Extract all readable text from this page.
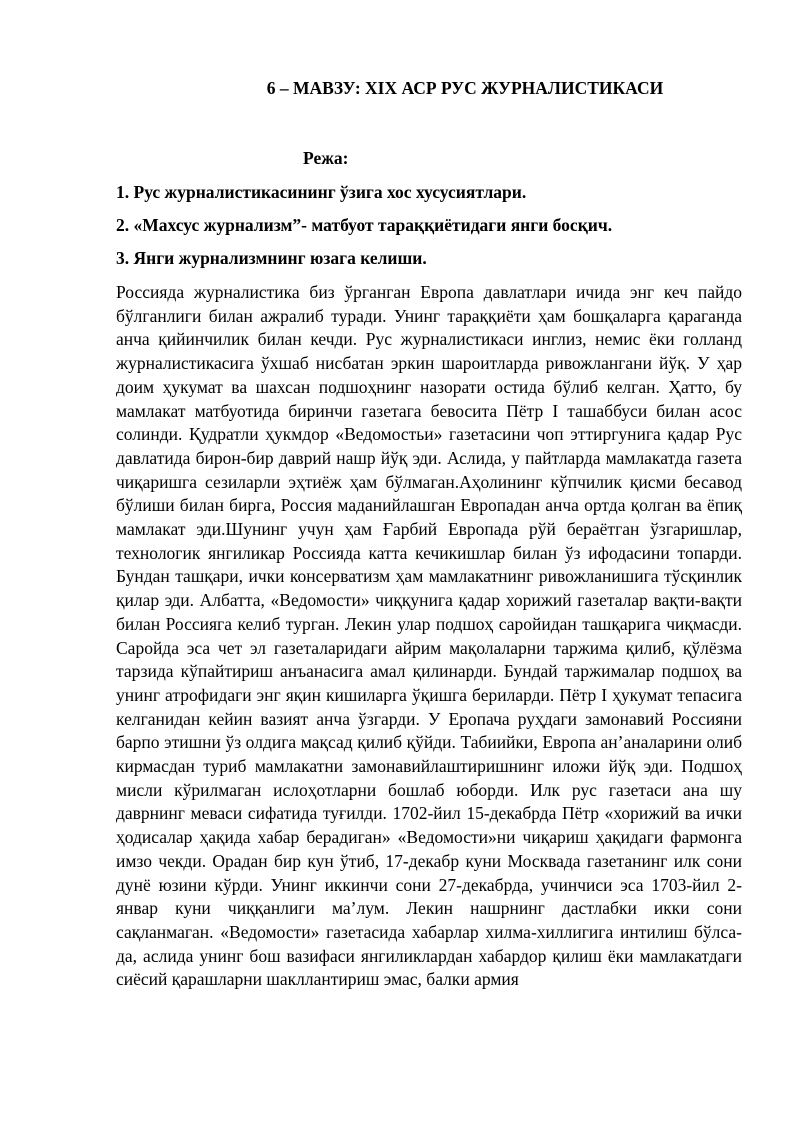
6 – МАВЗУ: XIX АСР РУС ЖУРНАЛИСТИКАСИ
Режа:
1. Рус журналистикасининг ўзига хос хусусиятлари.
2. «Махсус журнализм”- матбуот тараққиётидаги янги босқич.
3. Янги журнализмнинг юзага келиши.

Россияда журналистика биз ўрганган Европа давлатлари ичида энг кеч пайдо бўлганлиги билан ажралиб туради. Унинг тараққиёти ҳам бошқаларга қараганда анча қийинчилик билан кечди. Рус журналистикаси инглиз, немис ёки голланд журналистикасига ўхшаб нисбатан эркин шароитларда ривожлангани йўқ. У ҳар доим ҳукумат ва шахсан подшоҳнинг назорати остида бўлиб келган. Ҳатто, бу мамлакат матбуотида биринчи газетага бевосита Пётр I ташаббуси билан асос солинди. Қудратли ҳукмдор «Ведомостьи» газетасини чоп эттиргунига қадар Рус давлатида бирон-бир даврий нашр йўқ эди. Аслида, у пайтларда мамлакатда газета чиқаришга сезиларли эҳтиёж ҳам бўлмаган.Аҳолининг кўпчилик қисми бесавод бўлиши билан бирга, Россия маданийлашган Европадан анча ортда қолган ва ёпиқ мамлакат эди.Шунинг учун ҳам Ғарбий Европада рўй бераётган ўзгаришлар, технологик янгиликар Россияда катта кечикишлар билан ўз ифодасини топарди. Бундан ташқари, ички консерватизм ҳам мамлакатнинг ривожланишига тўсқинлик қилар эди. Албатта, «Ведомости» чиққунига қадар хорижий газеталар вақти-вақти билан Россияга келиб турган. Лекин улар подшоҳ саройидан ташқарига чиқмасди. Саройда эса чет эл газеталаридаги айрим мақолаларни таржима қилиб, қўлёзма тарзида кўпайтириш анъанасига амал қилинарди. Бундай таржималар подшоҳ ва унинг атрофидаги энг яқин кишиларга ўқишга бериларди. Пётр I ҳукумат тепасига келганидан кейин вазият анча ўзгарди. У Еропача руҳдаги замонавий Россияни барпо этишни ўз олдига мақсад қилиб қўйди. Табиийки, Европа ан’аналарини олиб кирмасдан туриб мамлакатни замонавийлаштиришнинг иложи йўқ эди. Подшоҳ мисли кўрилмаган ислоҳотларни бошлаб юборди. Илк рус газетаси ана шу даврнинг меваси сифатида туғилди. 1702-йил 15-декабрда Пётр «хорижий ва ички ҳодисалар ҳақида хабар берадиган» «Ведомости»ни чиқариш ҳақидаги фармонга имзо чекди. Орадан бир кун ўтиб, 17-декабр куни Москвада газетанинг илк сони дунё юзини кўрди. Унинг иккинчи сони 27-декабрда, учинчиси эса 1703-йил 2-январ куни чиққанлиги ма’лум. Лекин нашрнинг дастлабки икки сони сақланмаган. «Ведомости» газетасида хабарлар хилма-хиллигига интилиш бўлса-да, аслида унинг бош вазифаси янгиликлардан хабардор қилиш ёки мамлакатдаги сиёсий қарашларни шакллантириш эмас, балки армия
